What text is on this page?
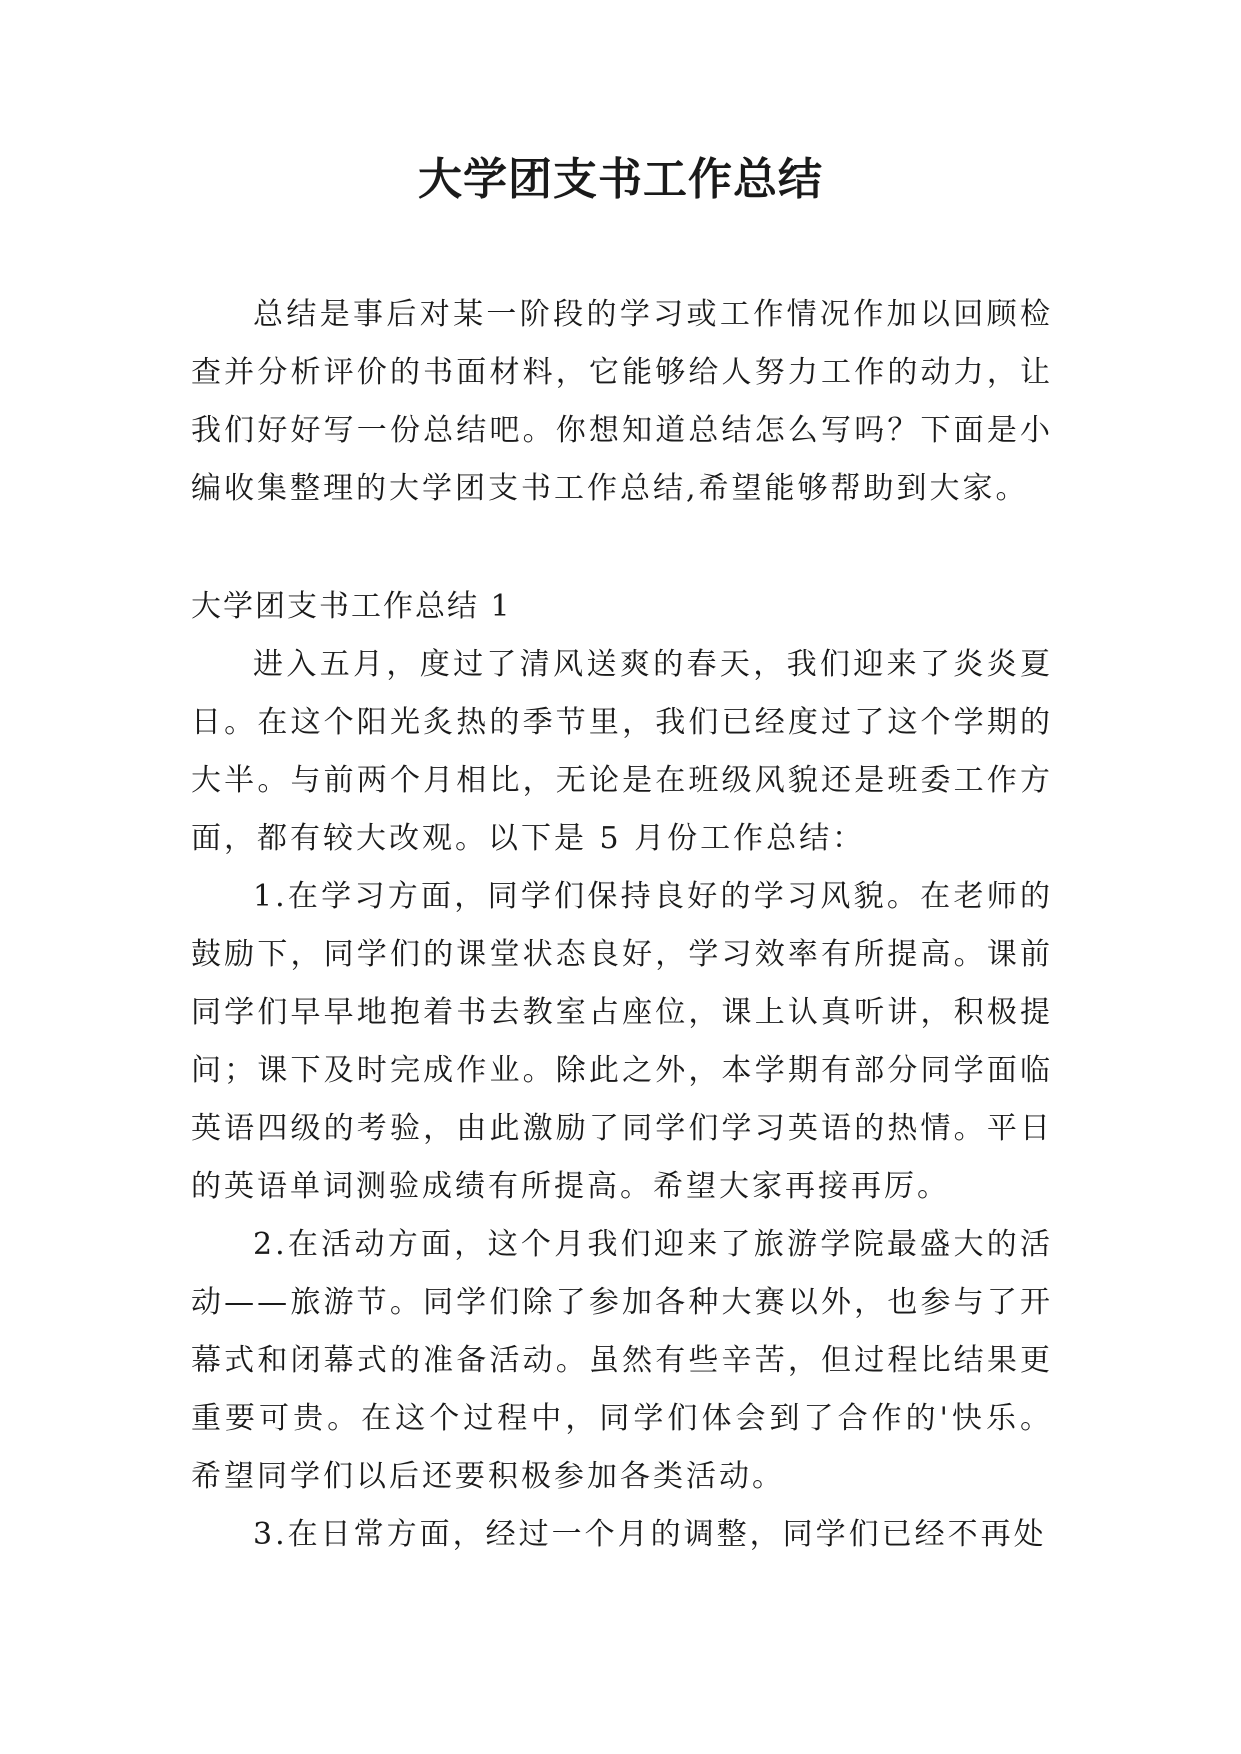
大学团支书工作总结

总结是事后对某一阶段的学习或工作情况作加以回顾检查并分析评价的书面材料，它能够给人努力工作的动力，让我们好好写一份总结吧。你想知道总结怎么写吗？下面是小编收集整理的大学团支书工作总结,希望能够帮助到大家。

大学团支书工作总结 1

进入五月，度过了清风送爽的春天，我们迎来了炎炎夏日。在这个阳光炙热的季节里，我们已经度过了这个学期的大半。与前两个月相比，无论是在班级风貌还是班委工作方面，都有较大改观。以下是 5 月份工作总结：

1.在学习方面，同学们保持良好的学习风貌。在老师的鼓励下，同学们的课堂状态良好，学习效率有所提高。课前同学们早早地抱着书去教室占座位，课上认真听讲，积极提问；课下及时完成作业。除此之外，本学期有部分同学面临英语四级的考验，由此激励了同学们学习英语的热情。平日的英语单词测验成绩有所提高。希望大家再接再厉。

2.在活动方面，这个月我们迎来了旅游学院最盛大的活动——旅游节。同学们除了参加各种大赛以外，也参与了开幕式和闭幕式的准备活动。虽然有些辛苦，但过程比结果更重要可贵。在这个过程中，同学们体会到了合作的'快乐。希望同学们以后还要积极参加各类活动。

3.在日常方面，经过一个月的调整，同学们已经不再处
